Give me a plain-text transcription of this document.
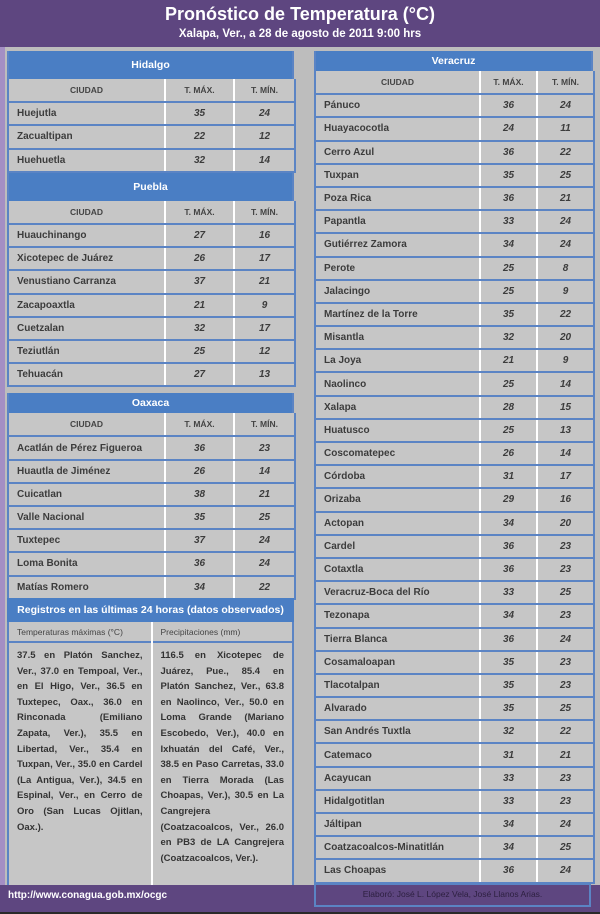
Pronóstico de Temperatura (°C)
Xalapa, Ver., a 28 de agosto de 2011 9:00 hrs
Hidalgo
CIUDAD	T. MÁX.	T. MÍN.
Huejutla	35	24
Zacualtipan	22	12
Huehuetla	32	14
Puebla
CIUDAD	T. MÁX.	T. MÍN.
Huauchinango	27	16
Xicotepec de Juárez	26	17
Venustiano Carranza	37	21
Zacapoaxtla	21	9
Cuetzalan	32	17
Teziutlán	25	12
Tehuacán	27	13
Oaxaca
CIUDAD	T. MÁX.	T. MÍN.
Acatlán de Pérez Figueroa	36	23
Huautla de Jiménez	26	14
Cuicatlan	38	21
Valle Nacional	35	25
Tuxtepec	37	24
Loma Bonita	36	24
Matías Romero	34	22
Veracruz
CIUDAD	T. MÁX.	T. MÍN.
Pánuco	36	24
Huayacocotla	24	11
Cerro Azul	36	22
Tuxpan	35	25
Poza Rica	36	21
Papantla	33	24
Gutiérrez Zamora	34	24
Perote	25	8
Jalacingo	25	9
Martínez de la Torre	35	22
Misantla	32	20
La Joya	21	9
Naolinco	25	14
Xalapa	28	15
Huatusco	25	13
Coscomatepec	26	14
Córdoba	31	17
Orizaba	29	16
Actopan	34	20
Cardel	36	23
Cotaxtla	36	23
Veracruz-Boca del Río	33	25
Tezonapa	34	23
Tierra Blanca	36	24
Cosamaloapan	35	23
Tlacotalpan	35	23
Alvarado	35	25
San Andrés Tuxtla	32	22
Catemaco	31	21
Acayucan	33	23
Hidalgotitlan	33	23
Jáltipan	34	24
Coatzacoalcos-Minatitlán	34	25
Las Choapas	36	24
Registros en las últimas 24 horas (datos observados)
Temperaturas máximas (°C)
37.5 en Platón Sanchez, Ver., 37.0 en Tempoal, Ver., en El Higo, Ver., 36.5 en Tuxtepec, Oax., 36.0 en Rinconada (Emiliano Zapata, Ver.), 35.5 en Libertad, Ver., 35.4 en Tuxpan, Ver., 35.0 en Cardel (La Antigua, Ver.), 34.5 en Espinal, Ver., en Cerro de Oro (San Lucas Ojitlan, Oax.).
Precipitaciones (mm)
116.5 en Xicotepec de Juárez, Pue., 85.4 en Platón Sanchez, Ver., 63.8 en Naolinco, Ver., 50.0 en Loma Grande (Mariano Escobedo, Ver.), 40.0 en Ixhuatán del Café, Ver., 38.5 en Paso Carretas, 33.0 en Tierra Morada (Las Choapas, Ver.), 30.5 en La Cangrejera (Coatzacoalcos, Ver., 26.0 en PB3 de LA Cangrejera (Coatzacoalcos, Ver.).
http://www.conagua.gob.mx/ocgc	Elaboró: José L. López Vela, José Llanos Arias.
